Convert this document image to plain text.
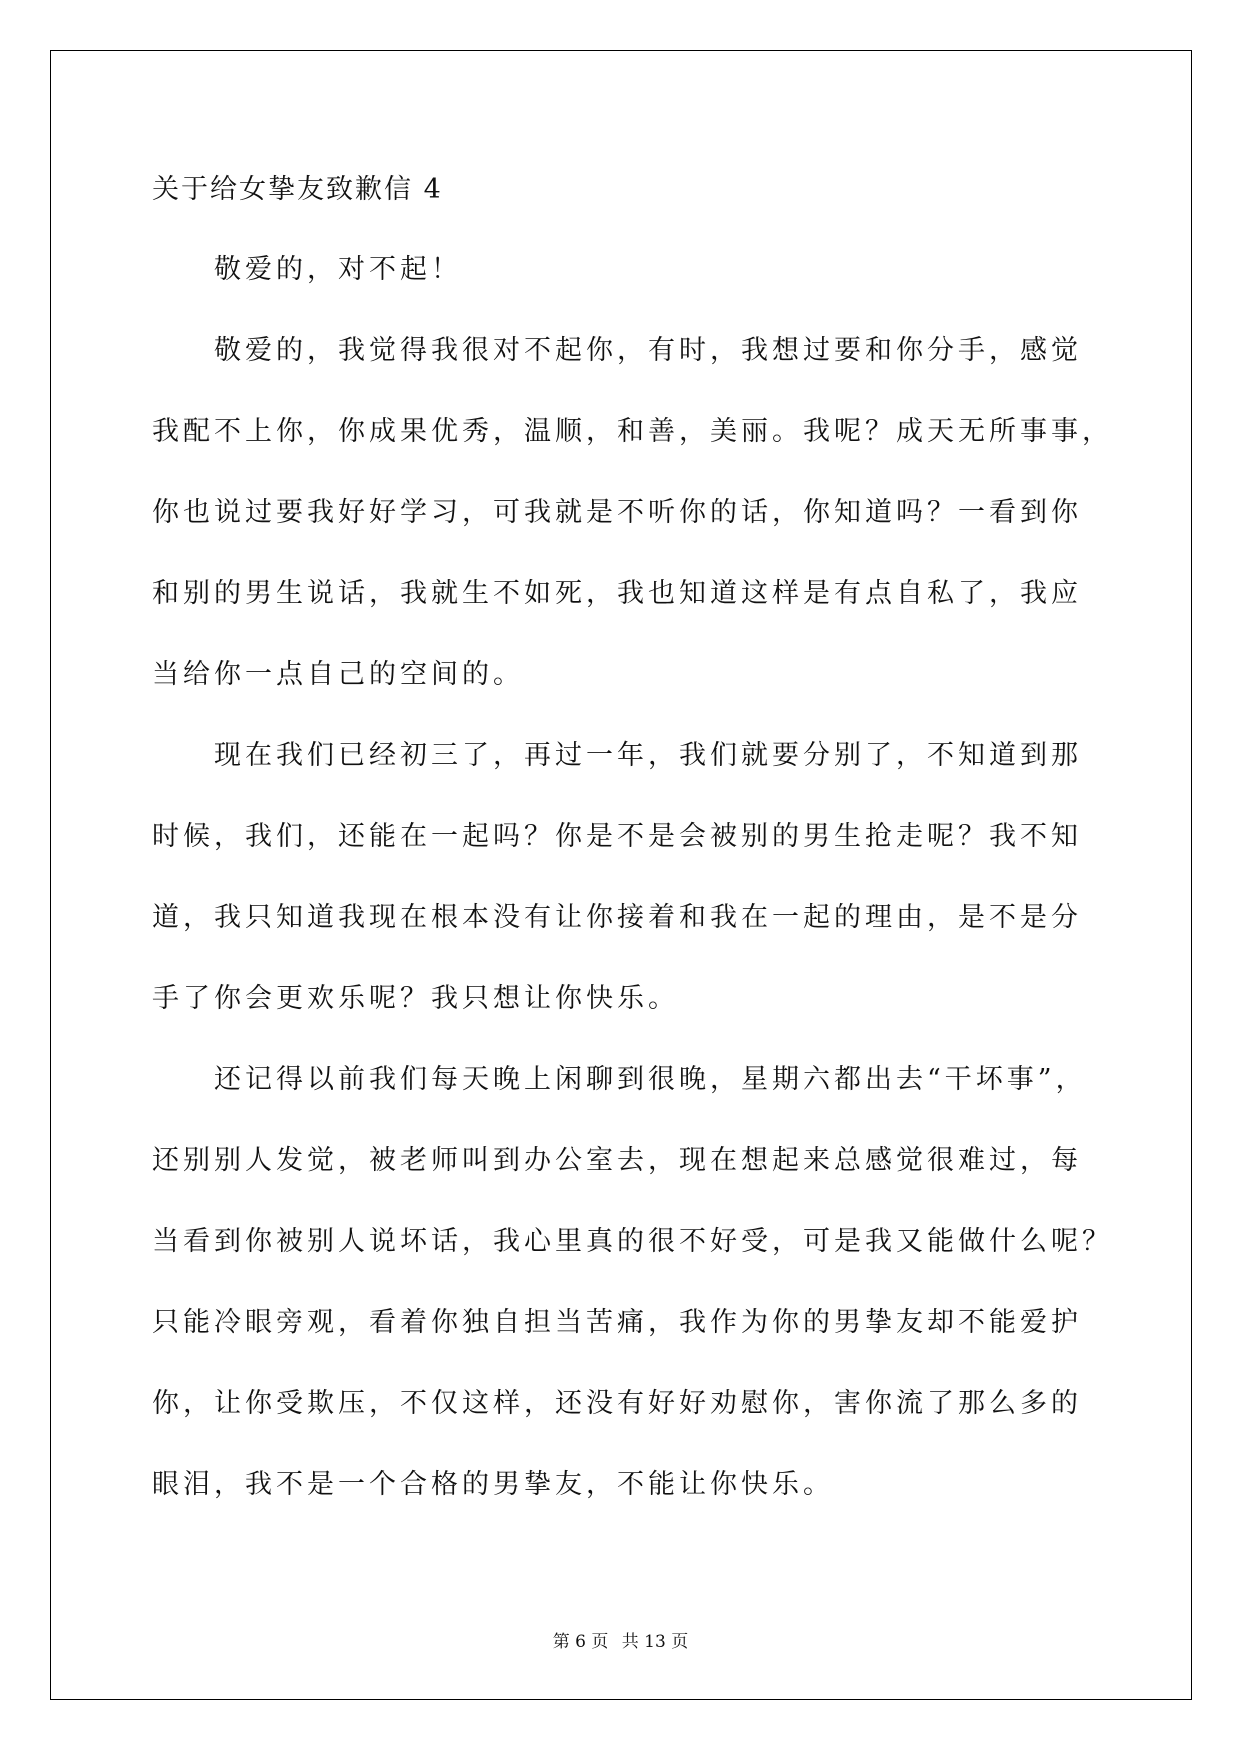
关于给女挚友致歉信 4
敬爱的，对不起！
敬爱的，我觉得我很对不起你，有时，我想过要和你分手，感觉
我配不上你，你成果优秀，温顺，和善，美丽。我呢？成天无所事事，
你也说过要我好好学习，可我就是不听你的话，你知道吗？一看到你
和别的男生说话，我就生不如死，我也知道这样是有点自私了，我应
当给你一点自己的空间的。
现在我们已经初三了，再过一年，我们就要分别了，不知道到那
时候，我们，还能在一起吗？你是不是会被别的男生抢走呢？我不知
道，我只知道我现在根本没有让你接着和我在一起的理由，是不是分
手了你会更欢乐呢？我只想让你快乐。
还记得以前我们每天晚上闲聊到很晚，星期六都出去“干坏事”，
还别别人发觉，被老师叫到办公室去，现在想起来总感觉很难过，每
当看到你被别人说坏话，我心里真的很不好受，可是我又能做什么呢？
只能冷眼旁观，看着你独自担当苦痛，我作为你的男挚友却不能爱护
你，让你受欺压，不仅这样，还没有好好劝慰你，害你流了那么多的
眼泪，我不是一个合格的男挚友，不能让你快乐。
第 6 页 共 13 页
